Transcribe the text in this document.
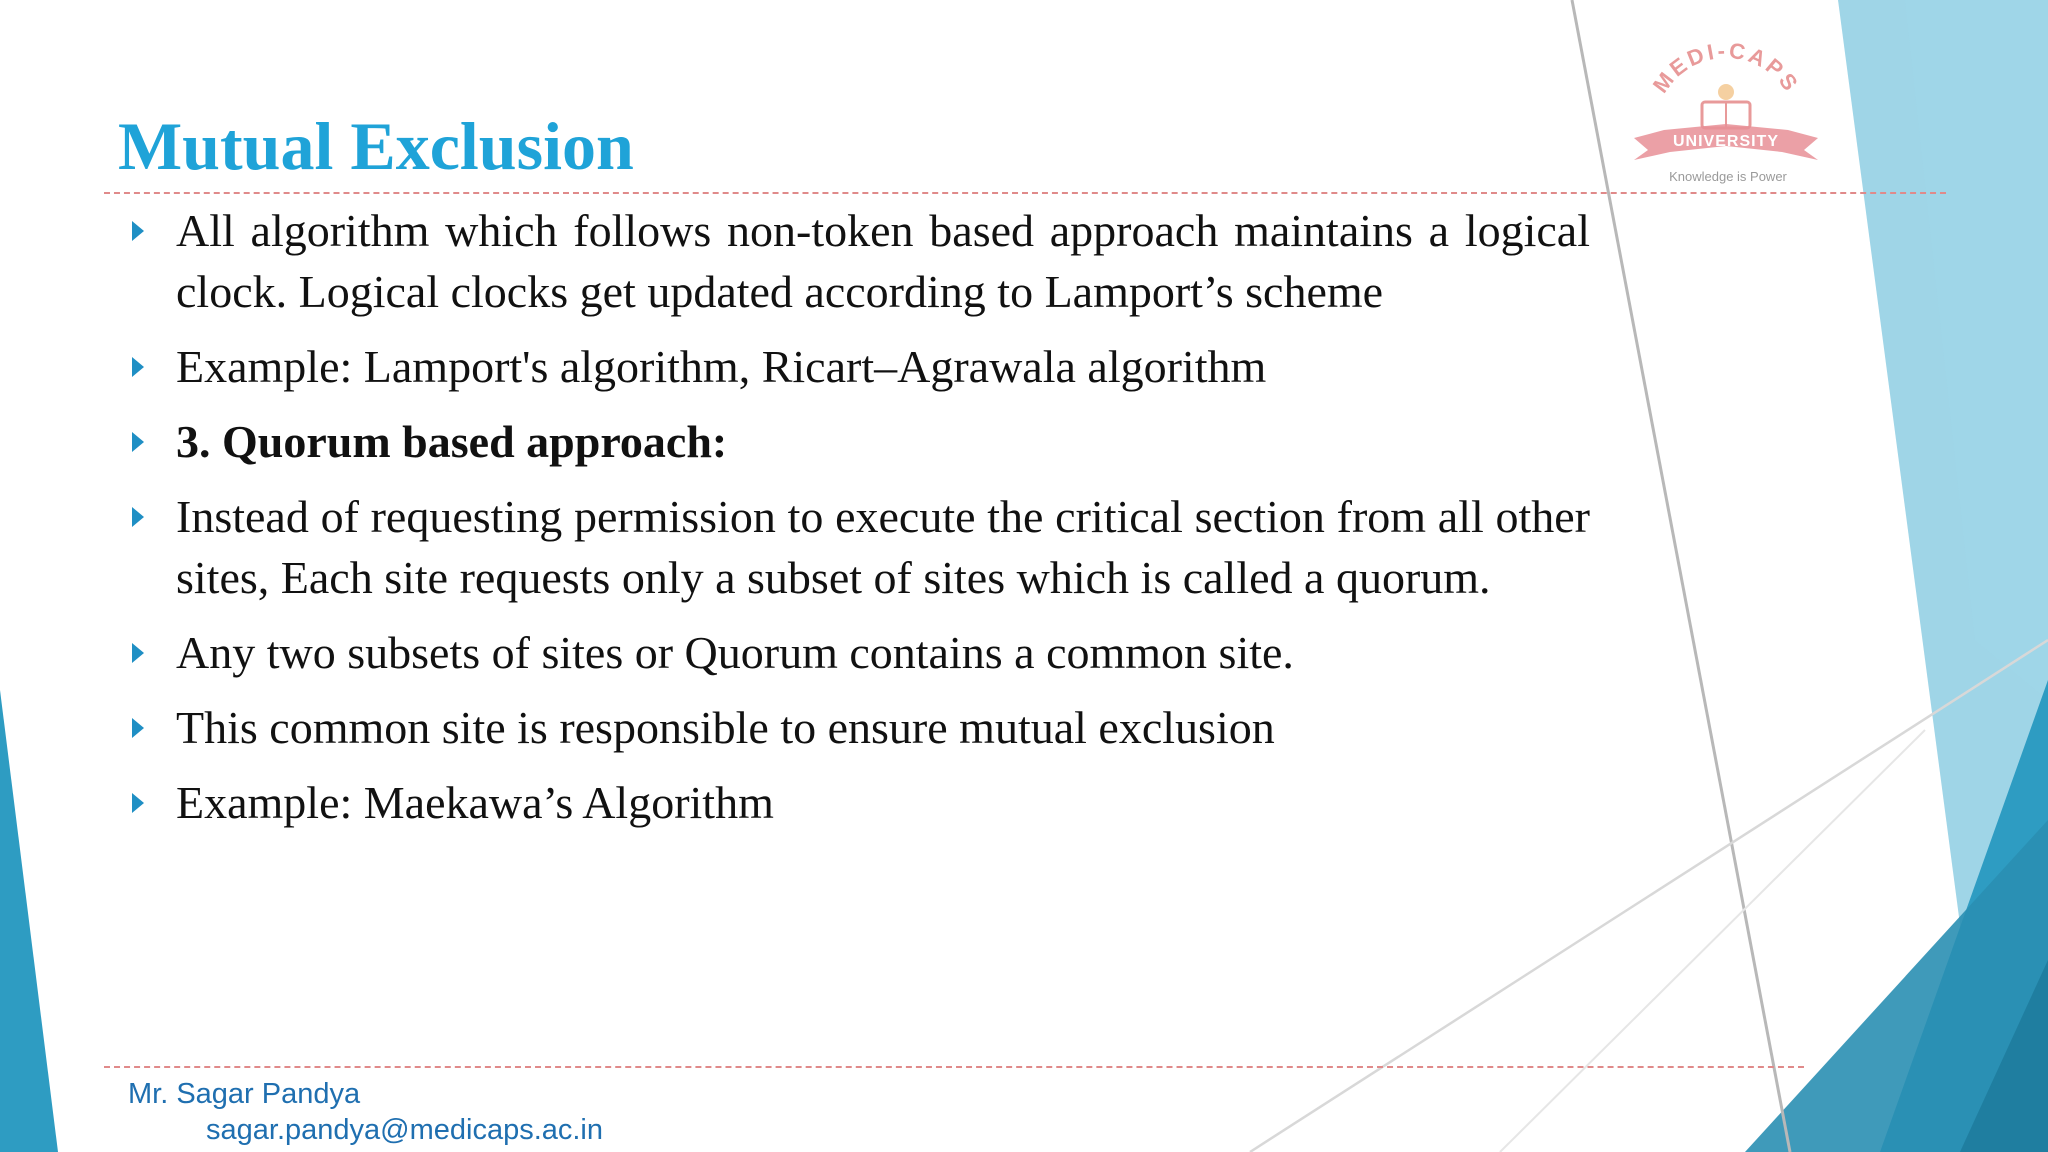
MEDI-CAPS
UNIVERSITY
Knowledge is Power
Mutual Exclusion
All algorithm which follows non-token based approach maintains a logical clock. Logical clocks get updated according to Lamport’s scheme
Example: Lamport's algorithm, Ricart–Agrawala algorithm
3. Quorum based approach:
Instead of requesting permission to execute the critical section from all other sites, Each site requests only a subset of sites which is called a quorum.
Any two subsets of sites or Quorum contains a common site.
This common site is responsible to ensure mutual exclusion
Example: Maekawa’s Algorithm
Mr. Sagar Pandya
sagar.pandya@medicaps.ac.in
